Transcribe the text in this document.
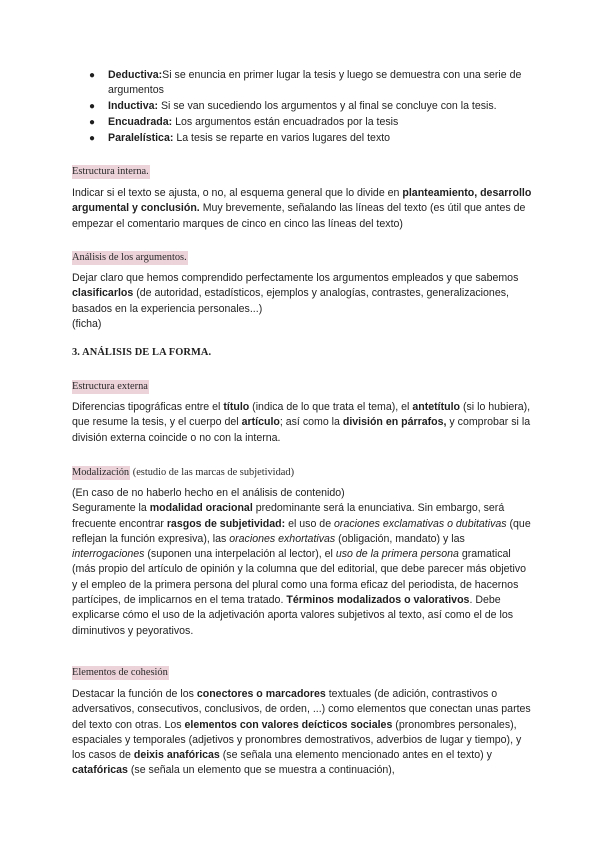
● Deductiva:Si se enuncia en primer lugar la tesis y luego se demuestra con una serie de argumentos
● Inductiva: Si se van sucediendo los argumentos y al final se concluye con la tesis.
● Encuadrada: Los argumentos están encuadrados por la tesis
● Paralelística: La tesis se reparte en varios lugares del texto
Estructura interna.
Indicar si el texto se ajusta, o no, al esquema general que lo divide en planteamiento, desarrollo argumental y conclusión. Muy brevemente, señalando las líneas del texto (es útil que antes de empezar el comentario marques de cinco en cinco las líneas del texto)
Análisis de los argumentos.
Dejar claro que hemos comprendido perfectamente los argumentos empleados y que sabemos clasificarlos (de autoridad, estadísticos, ejemplos y analogías, contrastes, generalizaciones, basados en la experiencia personales...)
(ficha)
3. ANÁLISIS DE LA FORMA.
Estructura externa
Diferencias tipográficas entre el título (indica de lo que trata el tema), el antetítulo (si lo hubiera), que resume la tesis, y el cuerpo del artículo; así como la división en párrafos, y comprobar si la división externa coincide o no con la interna.
Modalización (estudio de las marcas de subjetividad)
(En caso de no haberlo hecho en el análisis de contenido)
Seguramente la modalidad oracional predominante será la enunciativa. Sin embargo, será frecuente encontrar rasgos de subjetividad: el uso de oraciones exclamativas o dubitativas (que reflejan la función expresiva), las oraciones exhortativas (obligación, mandato) y las interrogaciones (suponen una interpelación al lector), el uso de la primera persona gramatical (más propio del artículo de opinión y la columna que del editorial, que debe parecer más objetivo y el empleo de la primera persona del plural como una forma eficaz del periodista, de hacernos partícipes, de implicarnos en el tema tratado. Términos modalizados o valorativos. Debe explicarse cómo el uso de la adjetivación aporta valores subjetivos al texto, así como el de los diminutivos y peyorativos.
Elementos de cohesión
Destacar la función de los conectores o marcadores textuales (de adición, contrastivos o adversativos, consecutivos, conclusivos, de orden, ...) como elementos que conectan unas partes del texto con otras. Los elementos con valores deícticos sociales (pronombres personales), espaciales y temporales (adjetivos y pronombres demostrativos, adverbios de lugar y tiempo), y los casos de deixis anafóricas (se señala una elemento mencionado antes en el texto) y catafóricas (se señala un elemento que se muestra a continuación),
